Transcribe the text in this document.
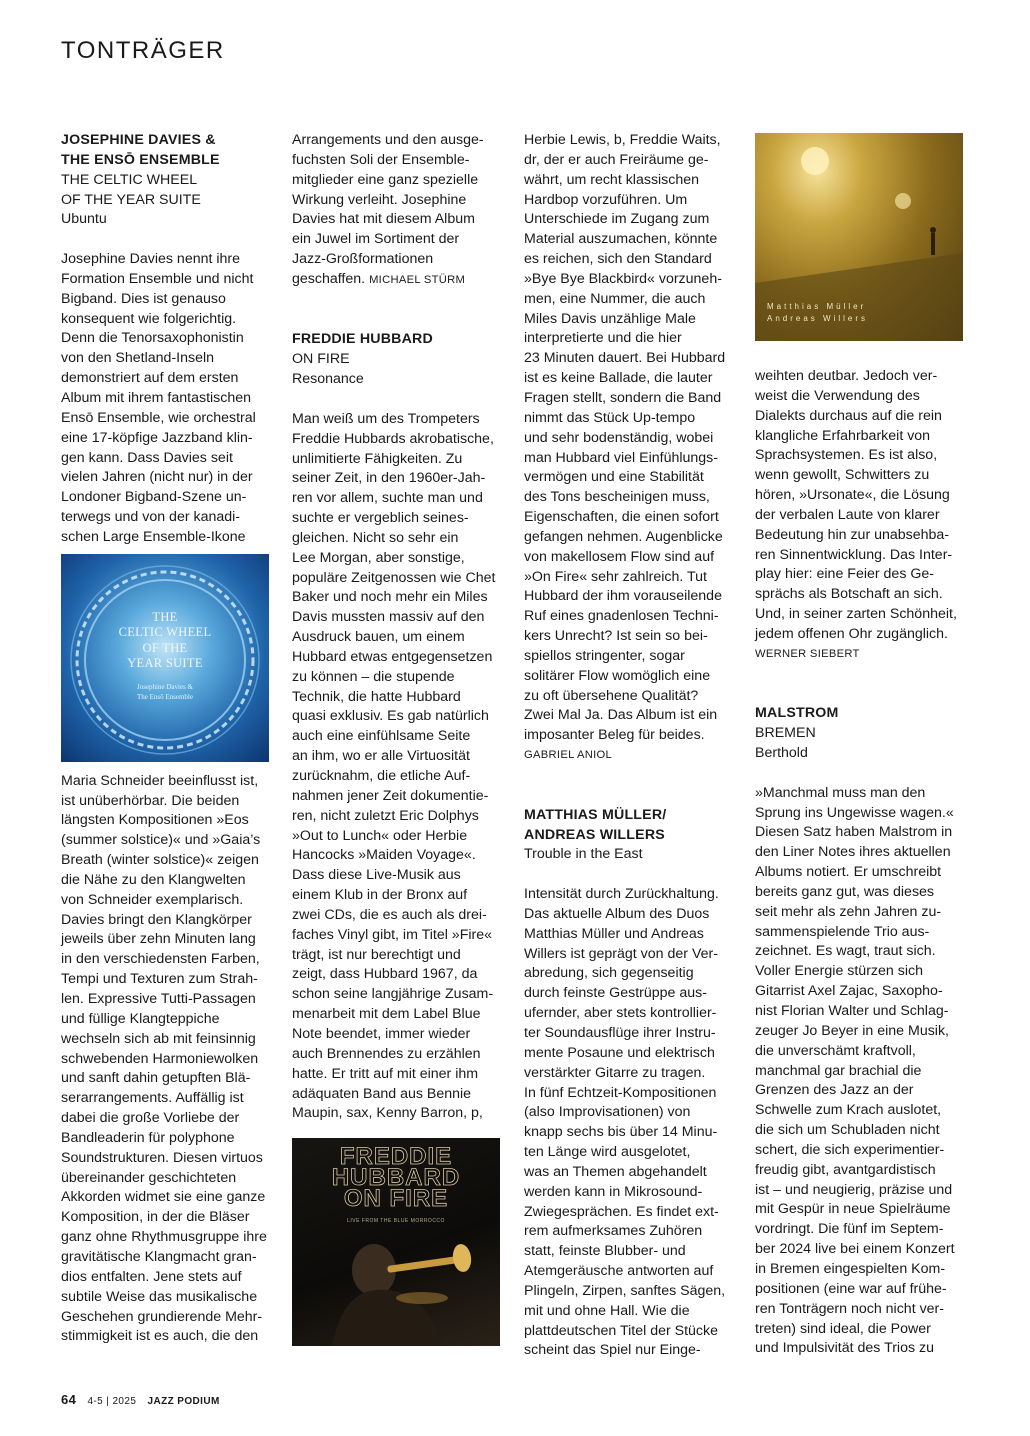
TONTRÄGER

JOSEPHINE DAVIES &

THE ENSŌ ENSEMBLE

THE CELTIC WHEEL

OF THE YEAR SUITE

Ubuntu

Josephine Davies nennt ihre

Formation Ensemble und nicht

Bigband. Dies ist genauso

konsequent wie folgerichtig.

Denn die Tenorsaxophonistin

von den Shetland-Inseln

demonstriert auf dem ersten

Album mit ihrem fantastischen

Ensō Ensemble, wie orchestral

eine 17-köpfige Jazzband klin-

gen kann. Dass Davies seit

vielen Jahren (nicht nur) in der

Londoner Bigband-Szene un-

terwegs und von der kanadi-

schen Large Ensemble-Ikone

THE
CELTIC WHEEL
OF THE
YEAR SUITE
Josephine Davies &
The Ensō Ensemble

Maria Schneider beeinflusst ist,

ist unüberhörbar. Die beiden

längsten Kompositionen »Eos

(summer solstice)« und »Gaia’s

Breath (winter solstice)« zeigen

die Nähe zu den Klangwelten

von Schneider exemplarisch.

Davies bringt den Klangkörper

jeweils über zehn Minuten lang

in den verschiedensten Farben,

Tempi und Texturen zum Strah-

len. Expressive Tutti-Passagen

und füllige Klangteppiche

wechseln sich ab mit feinsinnig

schwebenden Harmoniewolken

und sanft dahin getupften Blä-

serarrangements. Auffällig ist

dabei die große Vorliebe der

Bandleaderin für polyphone

Soundstrukturen. Diesen virtuos

übereinander geschichteten

Akkorden widmet sie eine ganze

Komposition, in der die Bläser

ganz ohne Rhythmusgruppe ihre

gravitätische Klangmacht gran-

dios entfalten. Jene stets auf

subtile Weise das musikalische

Geschehen grundierende Mehr-

stimmigkeit ist es auch, die den

Arrangements und den ausge-

fuchsten Soli der Ensemble-

mitglieder eine ganz spezielle

Wirkung verleiht. Josephine

Davies hat mit diesem Album

ein Juwel im Sortiment der

Jazz-Großformationen

geschaffen. MICHAEL STÜRM

FREDDIE HUBBARD

ON FIRE

Resonance

Man weiß um des Trompeters

Freddie Hubbards akrobatische,

unlimitierte Fähigkeiten. Zu

seiner Zeit, in den 1960er-Jah-

ren vor allem, suchte man und

suchte er vergeblich seines-

gleichen. Nicht so sehr ein

Lee Morgan, aber sonstige,

populäre Zeitgenossen wie Chet

Baker und noch mehr ein Miles

Davis mussten massiv auf den

Ausdruck bauen, um einem

Hubbard etwas entgegensetzen

zu können – die stupende

Technik, die hatte Hubbard

quasi exklusiv. Es gab natürlich

auch eine einfühlsame Seite

an ihm, wo er alle Virtuosität

zurücknahm, die etliche Auf-

nahmen jener Zeit dokumentie-

ren, nicht zuletzt Eric Dolphys

»Out to Lunch« oder Herbie

Hancocks »Maiden Voyage«.

Dass diese Live-Musik aus

einem Klub in der Bronx auf

zwei CDs, die es auch als drei-

faches Vinyl gibt, im Titel »Fire«

trägt, ist nur berechtigt und

zeigt, dass Hubbard 1967, da

schon seine langjährige Zusam-

menarbeit mit dem Label Blue

Note beendet, immer wieder

auch Brennendes zu erzählen

hatte. Er tritt auf mit einer ihm

adäquaten Band aus Bennie

Maupin, sax, Kenny Barron, p,

FREDDIE
HUBBARD
ON FIRE
LIVE FROM THE BLUE MORROCCO

Herbie Lewis, b, Freddie Waits,

dr, der er auch Freiräume ge-

währt, um recht klassischen

Hardbop vorzuführen. Um

Unterschiede im Zugang zum

Material auszumachen, könnte

es reichen, sich den Standard

»Bye Bye Blackbird« vorzuneh-

men, eine Nummer, die auch

Miles Davis unzählige Male

interpretierte und die hier

23 Minuten dauert. Bei Hubbard

ist es keine Ballade, die lauter

Fragen stellt, sondern die Band

nimmt das Stück Up-tempo

und sehr bodenständig, wobei

man Hubbard viel Einfühlungs-

vermögen und eine Stabilität

des Tons bescheinigen muss,

Eigenschaften, die einen sofort

gefangen nehmen. Augenblicke

von makellosem Flow sind auf

»On Fire« sehr zahlreich. Tut

Hubbard der ihm vorauseilende

Ruf eines gnadenlosen Techni-

kers Unrecht? Ist sein so bei-

spiellos stringenter, sogar

solitärer Flow womöglich eine

zu oft übersehene Qualität?

Zwei Mal Ja. Das Album ist ein

imposanter Beleg für beides.

GABRIEL ANIOL

MATTHIAS MÜLLER/

ANDREAS WILLERS

Trouble in the East

Intensität durch Zurückhaltung.

Das aktuelle Album des Duos

Matthias Müller und Andreas

Willers ist geprägt von der Ver-

abredung, sich gegenseitig

durch feinste Gestrüppe aus-

ufernder, aber stets kontrollier-

ter Soundausflüge ihrer Instru-

mente Posaune und elektrisch

verstärkter Gitarre zu tragen.

In fünf Echtzeit-Kompositionen

(also Improvisationen) von

knapp sechs bis über 14 Minu-

ten Länge wird ausgelotet,

was an Themen abgehandelt

werden kann in Mikrosound-

Zwiegesprächen. Es findet ext-

rem aufmerksames Zuhören

statt, feinste Blubber- und

Atemgeräusche antworten auf

Plingeln, Zirpen, sanftes Sägen,

mit und ohne Hall. Wie die

plattdeutschen Titel der Stücke

scheint das Spiel nur Einge-

Matthias Müller
Andreas Willers

weihten deutbar. Jedoch ver-

weist die Verwendung des

Dialekts durchaus auf die rein

klangliche Erfahrbarkeit von

Sprachsystemen. Es ist also,

wenn gewollt, Schwitters zu

hören, »Ursonate«, die Lösung

der verbalen Laute von klarer

Bedeutung hin zur unabsehba-

ren Sinnentwicklung. Das Inter-

play hier: eine Feier des Ge-

sprächs als Botschaft an sich.

Und, in seiner zarten Schönheit,

jedem offenen Ohr zugänglich.

WERNER SIEBERT

MALSTROM

BREMEN

Berthold

»Manchmal muss man den

Sprung ins Ungewisse wagen.«

Diesen Satz haben Malstrom in

den Liner Notes ihres aktuellen

Albums notiert. Er umschreibt

bereits ganz gut, was dieses

seit mehr als zehn Jahren zu-

sammenspielende Trio aus-

zeichnet. Es wagt, traut sich.

Voller Energie stürzen sich

Gitarrist Axel Zajac, Saxopho-

nist Florian Walter und Schlag-

zeuger Jo Beyer in eine Musik,

die unverschämt kraftvoll,

manchmal gar brachial die

Grenzen des Jazz an der

Schwelle zum Krach auslotet,

die sich um Schubladen nicht

schert, die sich experimentier-

freudig gibt, avantgardistisch

ist – und neugierig, präzise und

mit Gespür in neue Spielräume

vordringt. Die fünf im Septem-

ber 2024 live bei einem Konzert

in Bremen eingespielten Kom-

positionen (eine war auf frühe-

ren Tonträgern noch nicht ver-

treten) sind ideal, die Power

und Impulsivität des Trios zu

64 4-5 | 2025 JAZZ PODIUM
